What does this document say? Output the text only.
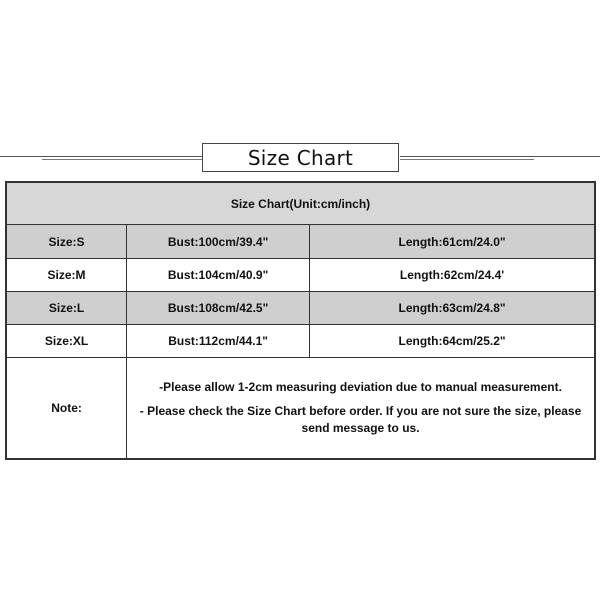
Size Chart
Size Chart(Unit:cm/inch)		
Size:S	Bust:100cm/39.4"	Length:61cm/24.0"
Size:M	Bust:104cm/40.9"	Length:62cm/24.4'
Size:L	Bust:108cm/42.5"	Length:63cm/24.8"
Size:XL	Bust:112cm/44.1"	Length:64cm/25.2"
Note:	-Please allow 1-2cm measuring deviation due to manual measurement.
- Please check the Size Chart before order. If you are not sure the size, please send message to us.	
